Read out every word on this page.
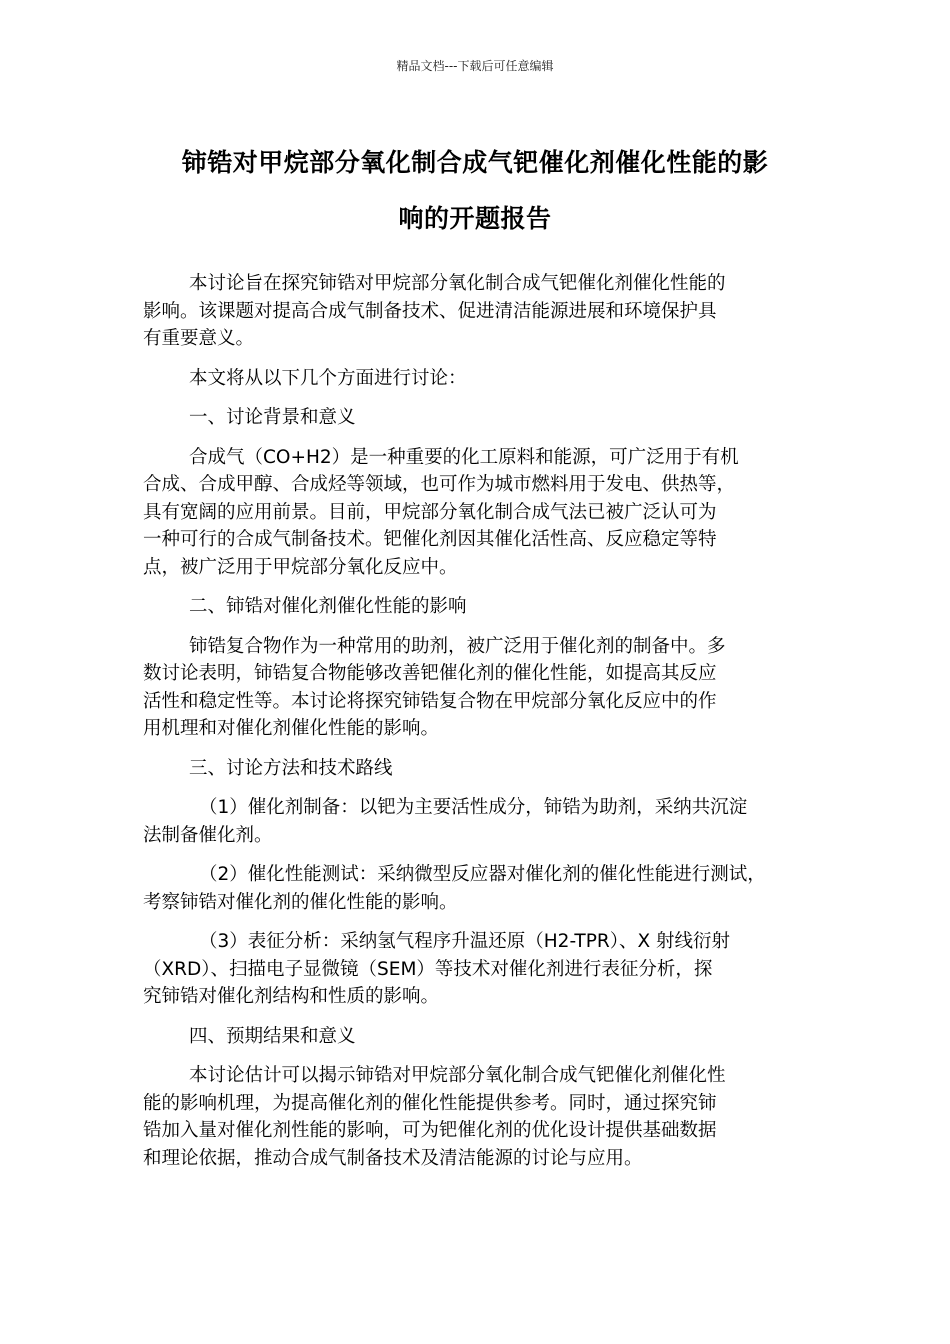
精品文档---下载后可任意编辑
铈锆对甲烷部分氧化制合成气钯催化剂催化性能的影
响的开题报告

本讨论旨在探究铈锆对甲烷部分氧化制合成气钯催化剂催化性能的
影响。该课题对提高合成气制备技术、促进清洁能源进展和环境保护具
有重要意义。

本文将从以下几个方面进行讨论：

一、讨论背景和意义

合成气（CO+H2）是一种重要的化工原料和能源，可广泛用于有机
合成、合成甲醇、合成烃等领域，也可作为城市燃料用于发电、供热等，
具有宽阔的应用前景。目前，甲烷部分氧化制合成气法已被广泛认可为
一种可行的合成气制备技术。钯催化剂因其催化活性高、反应稳定等特
点，被广泛用于甲烷部分氧化反应中。

二、铈锆对催化剂催化性能的影响

铈锆复合物作为一种常用的助剂，被广泛用于催化剂的制备中。多
数讨论表明，铈锆复合物能够改善钯催化剂的催化性能，如提高其反应
活性和稳定性等。本讨论将探究铈锆复合物在甲烷部分氧化反应中的作
用机理和对催化剂催化性能的影响。

三、讨论方法和技术路线

（1）催化剂制备：以钯为主要活性成分，铈锆为助剂，采纳共沉淀
法制备催化剂。

（2）催化性能测试：采纳微型反应器对催化剂的催化性能进行测试，
考察铈锆对催化剂的催化性能的影响。

（3）表征分析：采纳氢气程序升温还原（H2-TPR）、X 射线衍射
（XRD）、扫描电子显微镜（SEM）等技术对催化剂进行表征分析，探
究铈锆对催化剂结构和性质的影响。

四、预期结果和意义

本讨论估计可以揭示铈锆对甲烷部分氧化制合成气钯催化剂催化性
能的影响机理，为提高催化剂的催化性能提供参考。同时，通过探究铈
锆加入量对催化剂性能的影响，可为钯催化剂的优化设计提供基础数据
和理论依据，推动合成气制备技术及清洁能源的讨论与应用。
